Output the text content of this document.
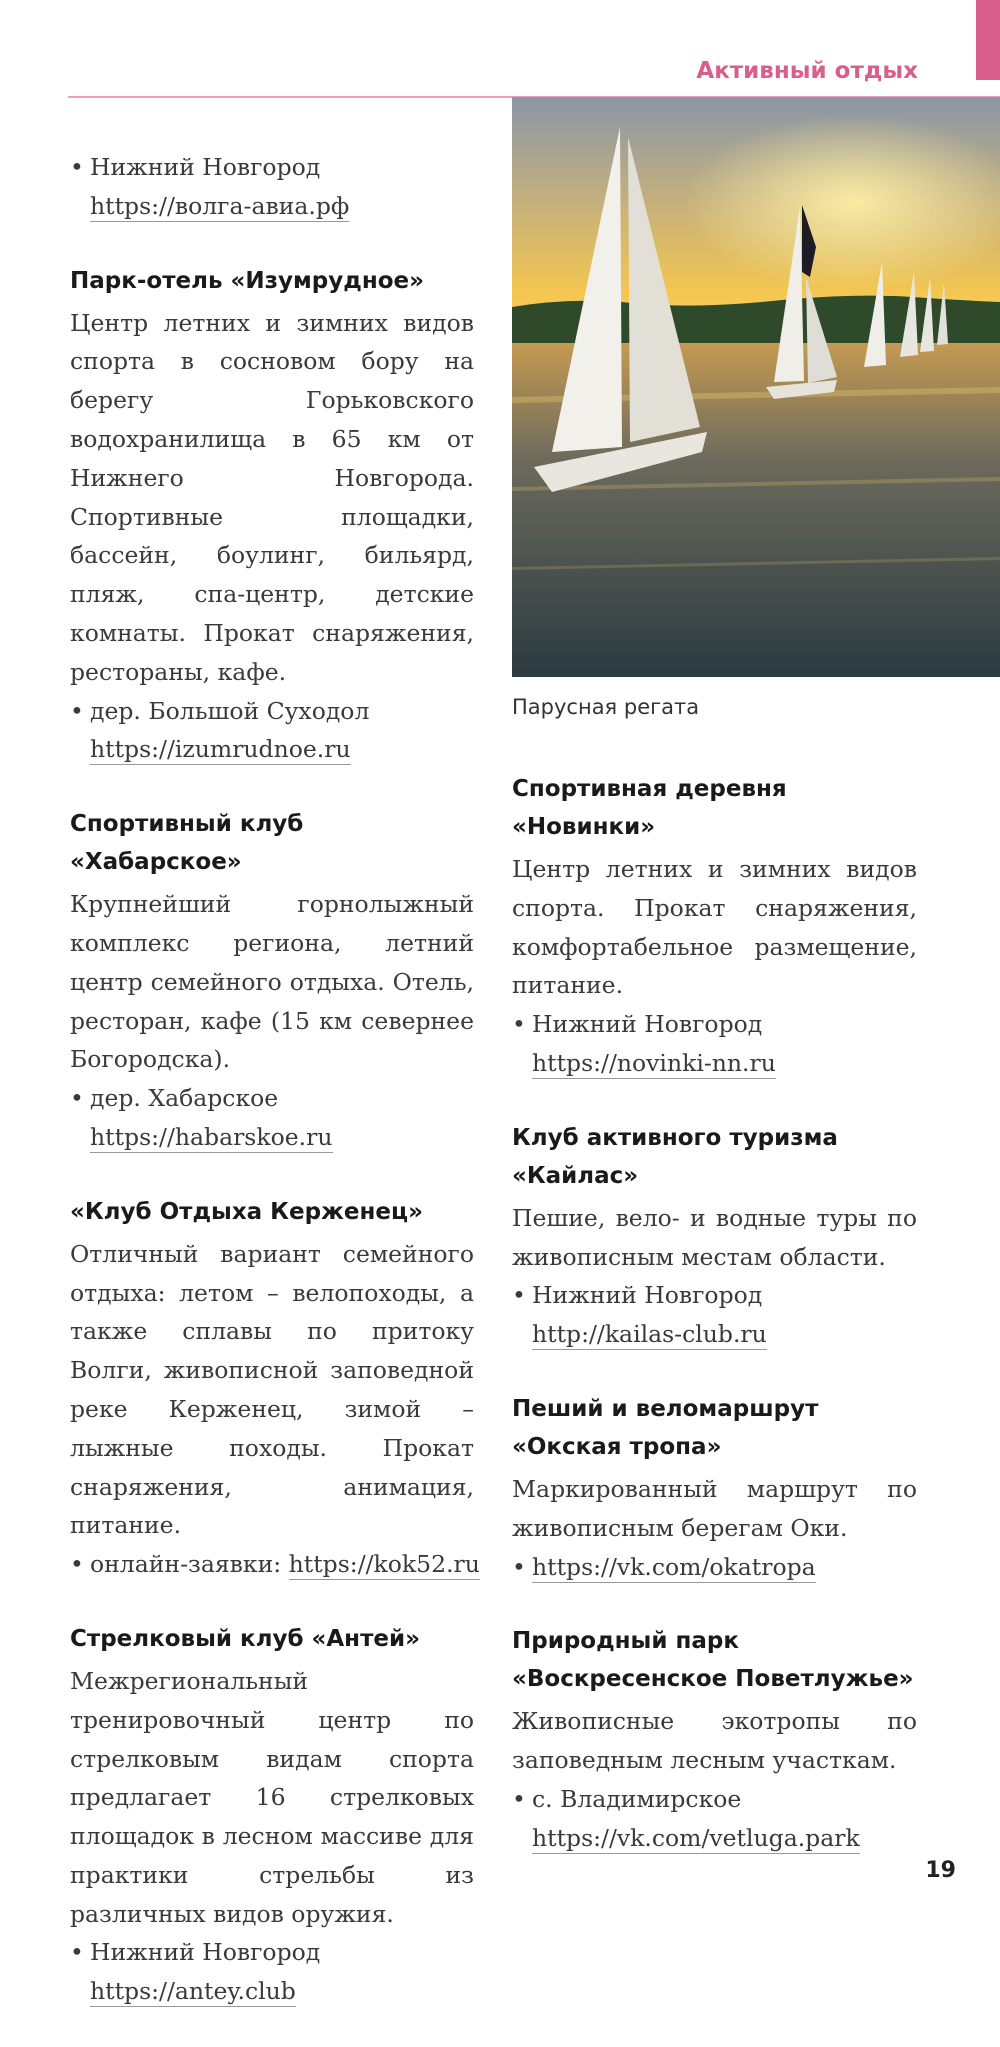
Активный отдых
Парусная регата
• Нижний Новгород
https://волга-авиа.рф
Парк-отель «Изумрудное»

Центр летних и зимних видов спорта в сосновом бору на берегу Горьковского водохранилища в 65 км от Нижнего Новгорода. Спортивные площадки, бассейн, боулинг, бильярд, пляж, спа-центр, детские комнаты. Прокат снаряжения, рестораны, кафе.

• дер. Большой Суходол
https://izumrudnoe.ru
Спортивный клуб «Хабарское»

Крупнейший горнолыжный комплекс региона, летний центр семейного отдыха. Отель, ресторан, кафе (15 км севернее Богородска).

• дер. Хабарское
https://habarskoe.ru
«Клуб Отдыха Керженец»

Отличный вариант семейного отдыха: летом – велопоходы, а также сплавы по притоку Волги, живописной заповедной реке Керженец, зимой – лыжные походы. Прокат снаряжения, анимация, питание.

• онлайн-заявки: https://kok52.ru
Стрелковый клуб «Антей»

Межрегиональный тренировочный центр по стрелковым видам спорта предлагает 16 стрелковых площадок в лесном массиве для практики стрельбы из различных видов оружия.

• Нижний Новгород
https://antey.club
Спортивная деревня «Новинки»

Центр летних и зимних видов спорта. Прокат снаряжения, комфортабельное размещение, питание.

• Нижний Новгород
https://novinki-nn.ru
Клуб активного туризма «Кайлас»

Пешие, вело- и водные туры по живописным местам области.

• Нижний Новгород
http://kailas-club.ru
Пеший и веломаршрут «Окская тропа»

Маркированный маршрут по живописным берегам Оки.

• https://vk.com/okatropa
Природный парк «Воскресенское Поветлужье»

Живописные экотропы по заповедным лесным участкам.

• с. Владимирское
https://vk.com/vetluga.park
19
